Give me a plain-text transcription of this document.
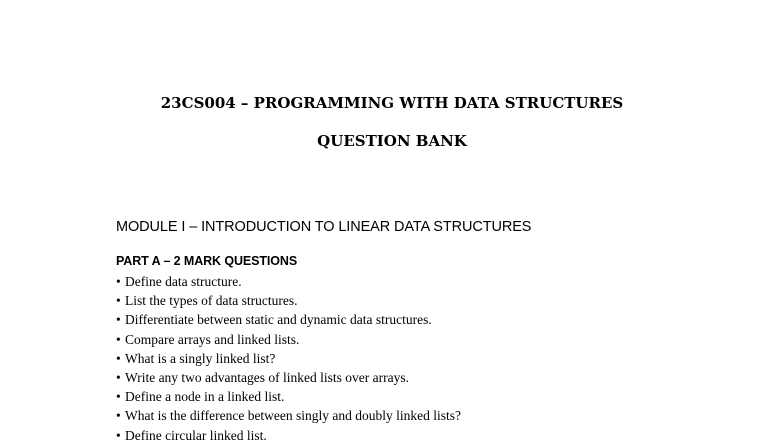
23CS004 – PROGRAMMING WITH DATA STRUCTURES
QUESTION BANK
MODULE I – INTRODUCTION TO LINEAR DATA STRUCTURES
PART A – 2 MARK QUESTIONS
• Define data structure.
• List the types of data structures.
• Differentiate between static and dynamic data structures.
• Compare arrays and linked lists.
• What is a singly linked list?
• Write any two advantages of linked lists over arrays.
• Define a node in a linked list.
• What is the difference between singly and doubly linked lists?
• Define circular linked list.
